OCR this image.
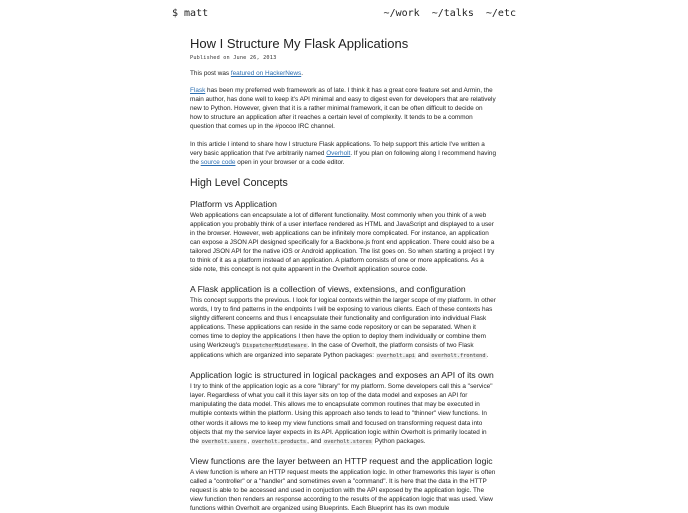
$ matt	~/work ~/talks ~/etc
How I Structure My Flask Applications
Published on June 26, 2013

This post was featured on HackerNews.

Flask has been my preferred web framework as of late. I think it has a great core feature set and Armin, the main author, has done well to keep it's API minimal and easy to digest even for developers that are relatively new to Python. However, given that it is a rather minimal framework, it can be often difficult to decide on how to structure an application after it reaches a certain level of complexity. It tends to be a common question that comes up in the #pocoo IRC channel.

In this article I intend to share how I structure Flask applications. To help support this article I've written a very basic application that I've arbitrarily named Overholt. If you plan on following along I recommend having the source code open in your browser or a code editor.

High Level Concepts
Platform vs Application

Web applications can encapsulate a lot of different functionality. Most commonly when you think of a web application you probably think of a user interface rendered as HTML and JavaScript and displayed to a user in the browser. However, web applications can be infinitely more complicated. For instance, an application can expose a JSON API designed specifically for a Backbone.js front end application. There could also be a tailored JSON API for the native iOS or Android application. The list goes on. So when starting a project I try to think of it as a platform instead of an application. A platform consists of one or more applications. As a side note, this concept is not quite apparent in the Overholt application source code.

A Flask application is a collection of views, extensions, and configuration

This concept supports the previous. I look for logical contexts within the larger scope of my platform. In other words, I try to find patterns in the endpoints I will be exposing to various clients. Each of these contexts has slightly different concerns and thus I encapsulate their functionality and configuration into individual Flask applications. These applications can reside in the same code repository or can be separated. When it comes time to deploy the applications I then have the option to deploy them individually or combine them using Werkzeug's DispatcherMiddleware. In the case of Overholt, the platform consists of two Flask applications which are organized into separate Python packages: overholt.api and overholt.frontend.

Application logic is structured in logical packages and exposes an API of its own

I try to think of the application logic as a core "library" for my platform. Some developers call this a "service" layer. Regardless of what you call it this layer sits on top of the data model and exposes an API for manipulating the data model. This allows me to encapsulate common routines that may be executed in multiple contexts within the platform. Using this approach also tends to lead to "thinner" view functions. In other words it allows me to keep my view functions small and focused on transforming request data into objects that my the service layer expects in its API. Application logic within Overholt is primarily located in the overholt.users, overholt.products, and overholt.stores Python packages.

View functions are the layer between an HTTP request and the application logic

A view function is where an HTTP request meets the application logic. In other frameworks this layer is often called a "controller" or a "handler" and sometimes even a "command". It is here that the data in the HTTP request is able to be accessed and used in conjuction with the API exposed by the application logic. The view function then renders an response according to the results of the application logic that was used. View functions within Overholt are organized using Blueprints. Each Blueprint has its own module
